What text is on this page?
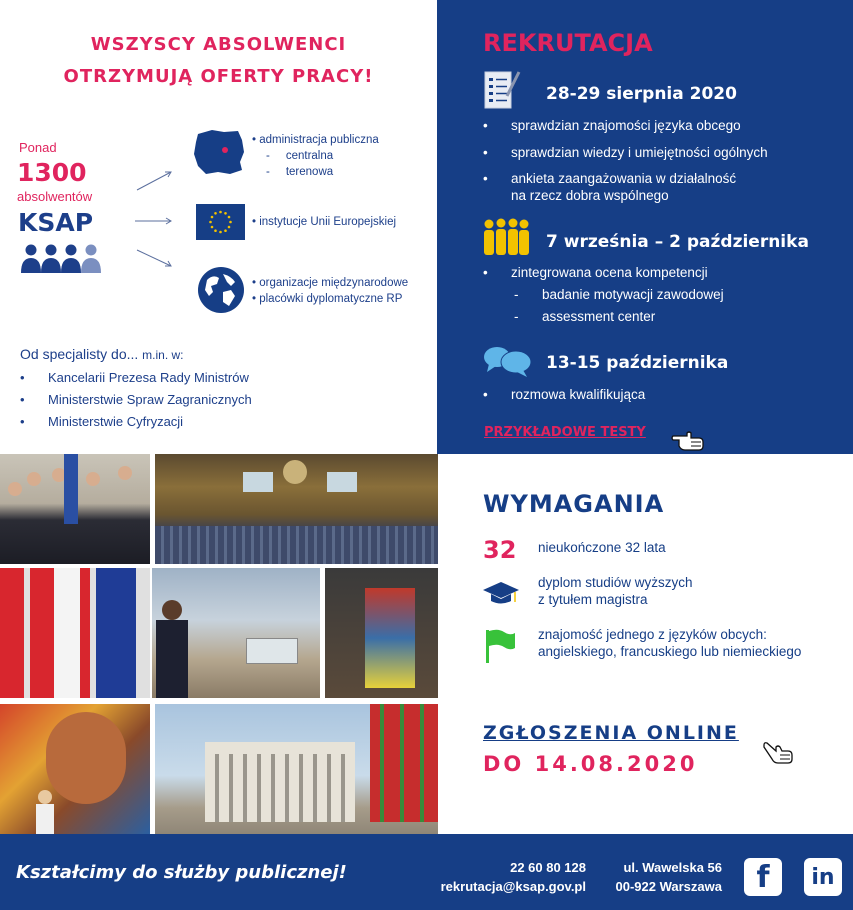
WSZYSCY ABSOLWENCI
OTRZYMUJĄ OFERTY PRACY!
Ponad
1300
absolwentów
KSAP
• administracja publiczna
- centralna
- terenowa
• instytucje Unii Europejskiej
• organizacje międzynarodowe
• placówki dyplomatyczne RP
Od specjalisty do... m.in. w:
• Kancelarii Prezesa Rady Ministrów
• Ministerstwie Spraw Zagranicznych
• Ministerstwie Cyfryzacji
REKRUTACJA
28-29 sierpnia 2020
• sprawdzian znajomości języka obcego
• sprawdzian wiedzy i umiejętności ogólnych
• ankieta zaangażowania w działalność
na rzecz dobra wspólnego
7 września – 2 października
• zintegrowana ocena kompetencji
- badanie motywacji zawodowej
- assessment center
13-15 października
• rozmowa kwalifikująca
PRZYKŁADOWE TESTY
WYMAGANIA
32 nieukończone 32 lata
dyplom studiów wyższych
z tytułem magistra
znajomość jednego z języków obcych:
angielskiego, francuskiego lub niemieckiego
ZGŁOSZENIA ONLINE
DO 14.08.2020
Kształcimy do służby publicznej!	22 60 80 128
rekrutacja@ksap.gov.pl
ul. Wawelska 56
00-922 Warszawa	f	in
